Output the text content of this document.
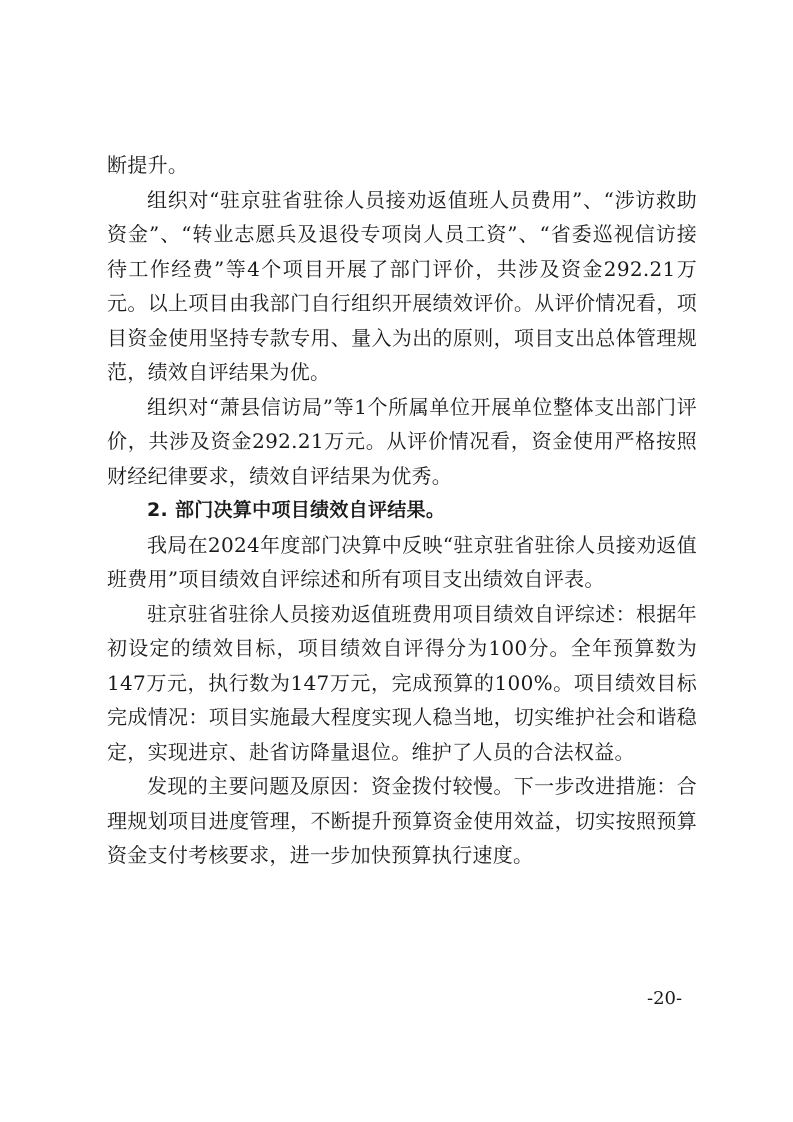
断提升。

组织对“驻京驻省驻徐人员接劝返值班人员费用”、“涉访救助资金”、“转业志愿兵及退役专项岗人员工资”、“省委巡视信访接待工作经费”等4个项目开展了部门评价，共涉及资金292.21万元。以上项目由我部门自行组织开展绩效评价。从评价情况看，项目资金使用坚持专款专用、量入为出的原则，项目支出总体管理规范，绩效自评结果为优。

组织对“萧县信访局”等1个所属单位开展单位整体支出部门评价，共涉及资金292.21万元。从评价情况看，资金使用严格按照财经纪律要求，绩效自评结果为优秀。

2. 部门决算中项目绩效自评结果。

我局在2024年度部门决算中反映“驻京驻省驻徐人员接劝返值班费用”项目绩效自评综述和所有项目支出绩效自评表。

驻京驻省驻徐人员接劝返值班费用项目绩效自评综述：根据年初设定的绩效目标，项目绩效自评得分为100分。全年预算数为147万元，执行数为147万元，完成预算的100%。项目绩效目标完成情况：项目实施最大程度实现人稳当地，切实维护社会和谐稳定，实现进京、赴省访降量退位。维护了人员的合法权益。

发现的主要问题及原因：资金拨付较慢。下一步改进措施：合理规划项目进度管理，不断提升预算资金使用效益，切实按照预算资金支付考核要求，进一步加快预算执行速度。

-20-
